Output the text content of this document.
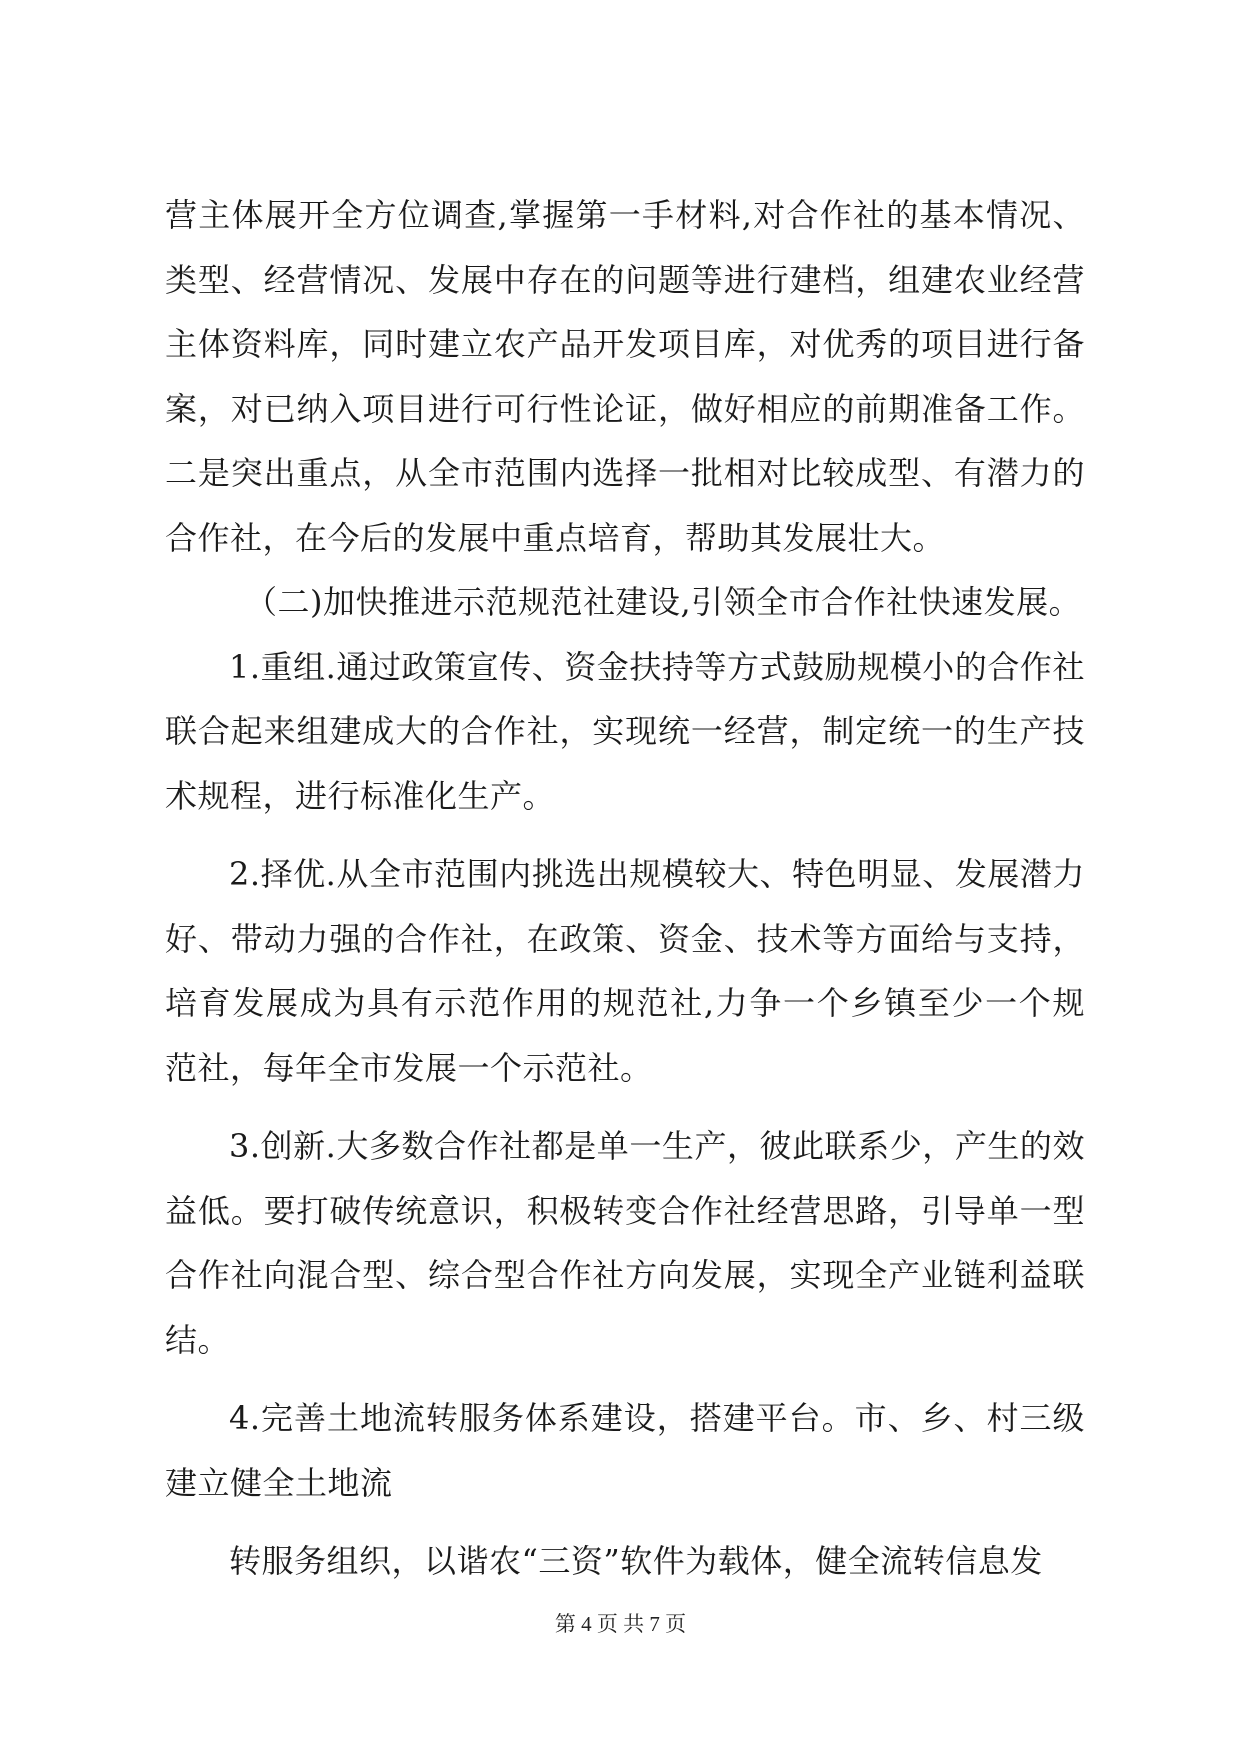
营主体展开全方位调查,掌握第一手材料,对合作社的基本情况、类型、经营情况、发展中存在的问题等进行建档，组建农业经营主体资料库，同时建立农产品开发项目库，对优秀的项目进行备案，对已纳入项目进行可行性论证，做好相应的前期准备工作。二是突出重点，从全市范围内选择一批相对比较成型、有潜力的合作社，在今后的发展中重点培育，帮助其发展壮大。

（二)加快推进示范规范社建设,引领全市合作社快速发展。

1.重组.通过政策宣传、资金扶持等方式鼓励规模小的合作社联合起来组建成大的合作社，实现统一经营，制定统一的生产技术规程，进行标准化生产。

2.择优.从全市范围内挑选出规模较大、特色明显、发展潜力好、带动力强的合作社，在政策、资金、技术等方面给与支持，培育发展成为具有示范作用的规范社,力争一个乡镇至少一个规范社，每年全市发展一个示范社。

3.创新.大多数合作社都是单一生产，彼此联系少，产生的效益低。要打破传统意识，积极转变合作社经营思路，引导单一型合作社向混合型、综合型合作社方向发展，实现全产业链利益联结。

4.完善土地流转服务体系建设，搭建平台。市、乡、村三级建立健全土地流

转服务组织，以谐农“三资”软件为载体，健全流转信息发

第 4 页 共 7 页
